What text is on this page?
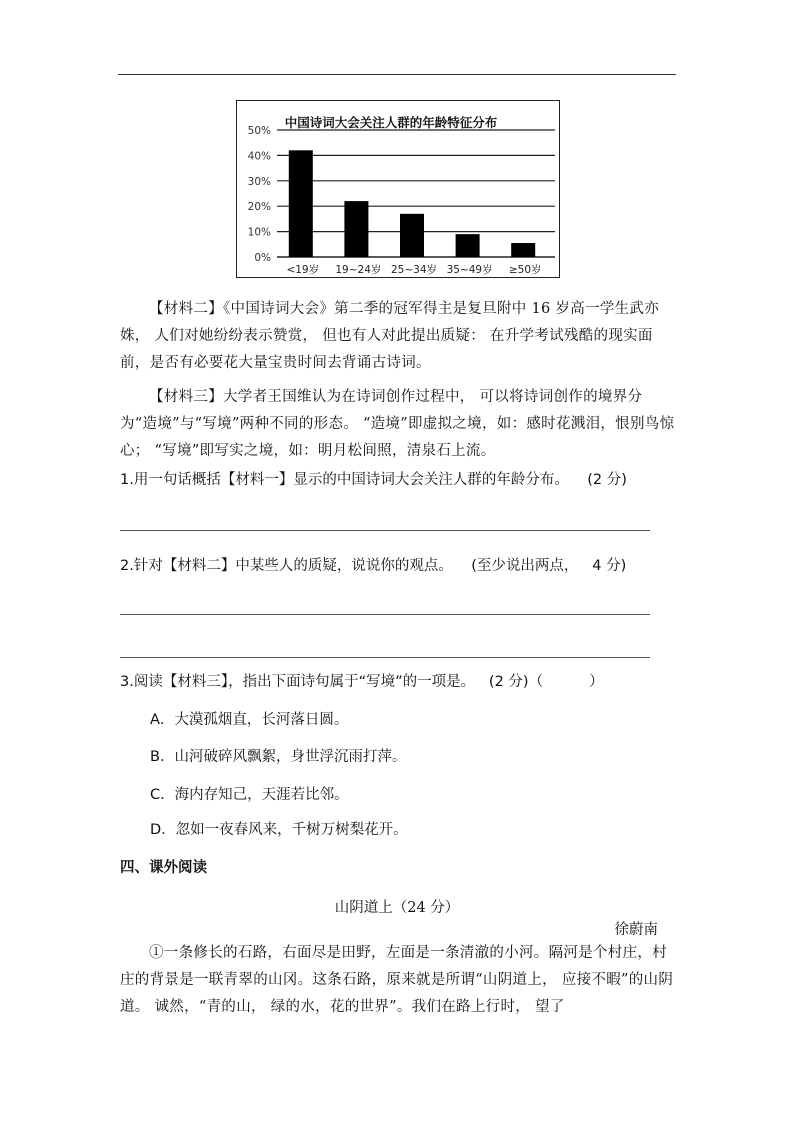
中国诗词大会关注人群的年龄特征分布
0%
10%
20%
30%
40%
50%
<19岁 19~24岁 25~34岁 35~49岁 ≥50岁
【材料二】《中国诗词大会》第二季的冠军得主是复旦附中 16 岁高一学生武亦姝， 人们对她纷纷表示赞赏， 但也有人对此提出质疑： 在升学考试残酷的现实面前，是否有必要花大量宝贵时间去背诵古诗词。
【材料三】大学者王国维认为在诗词创作过程中， 可以将诗词创作的境界分为“造境”与“写境”两种不同的形态。 “造境”即虚拟之境，如：感时花溅泪，恨别鸟惊心； “写境”即写实之境，如：明月松间照，清泉石上流。
1.用一句话概括【材料一】显示的中国诗词大会关注人群的年龄分布。    (2 分)
2.针对【材料二】中某些人的质疑，说说你的观点。    (至少说出两点，   4 分)
3.阅读【材料三】，指出下面诗句属于“写境”的一项是。   (2 分)（          ）
A．大漠孤烟直，长河落日圆。
B．山河破碎风飘絮，身世浮沉雨打萍。
C．海内存知己，天涯若比邻。
D．忽如一夜春风来，千树万树梨花开。
四、课外阅读
山阴道上（24 分）
徐蔚南
①一条修长的石路，右面尽是田野，左面是一条清澈的小河。隔河是个村庄，村庄的背景是一联青翠的山冈。这条石路，原来就是所谓“山阴道上， 应接不暇”的山阴道。 诚然，“青的山， 绿的水，花的世界”。我们在路上行时， 望了
